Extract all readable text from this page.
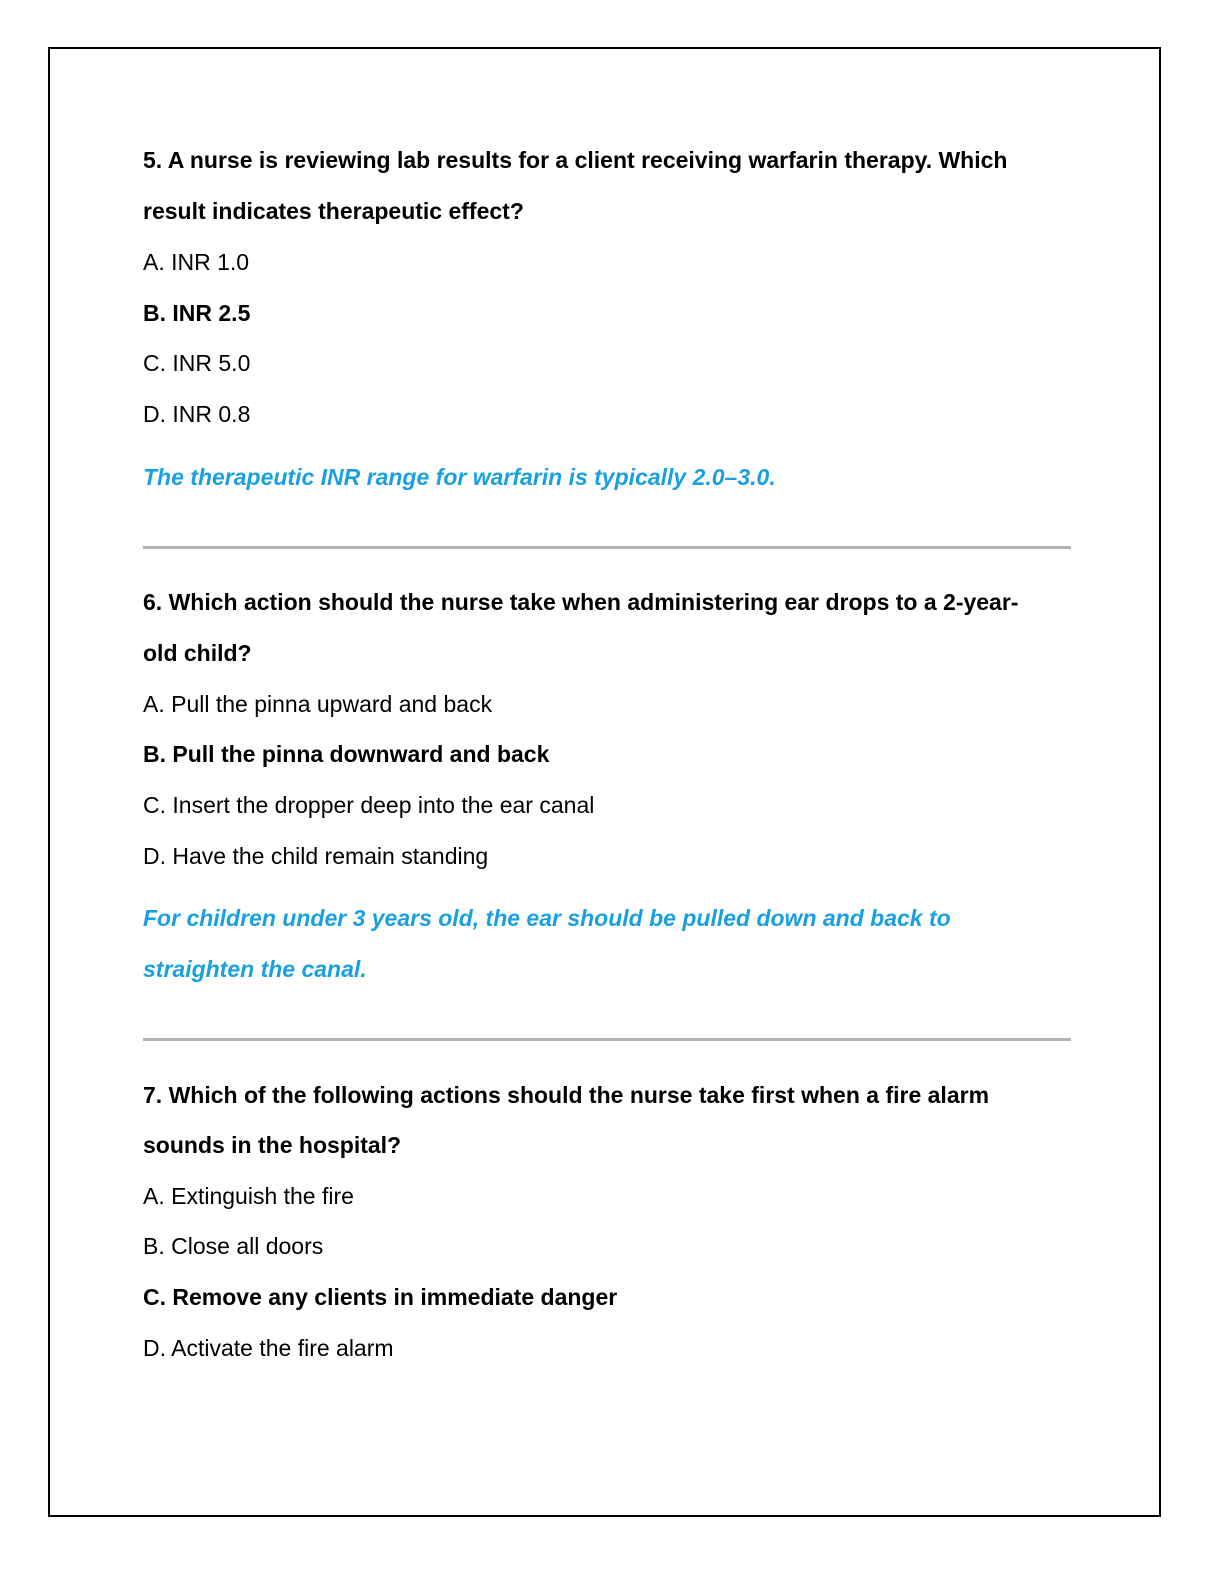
5. A nurse is reviewing lab results for a client receiving warfarin therapy. Which
result indicates therapeutic effect?
A. INR 1.0
B. INR 2.5
C. INR 5.0
D. INR 0.8
The therapeutic INR range for warfarin is typically 2.0–3.0.
6. Which action should the nurse take when administering ear drops to a 2-year-
old child?
A. Pull the pinna upward and back
B. Pull the pinna downward and back
C. Insert the dropper deep into the ear canal
D. Have the child remain standing
For children under 3 years old, the ear should be pulled down and back to
straighten the canal.
7. Which of the following actions should the nurse take first when a fire alarm
sounds in the hospital?
A. Extinguish the fire
B. Close all doors
C. Remove any clients in immediate danger
D. Activate the fire alarm
